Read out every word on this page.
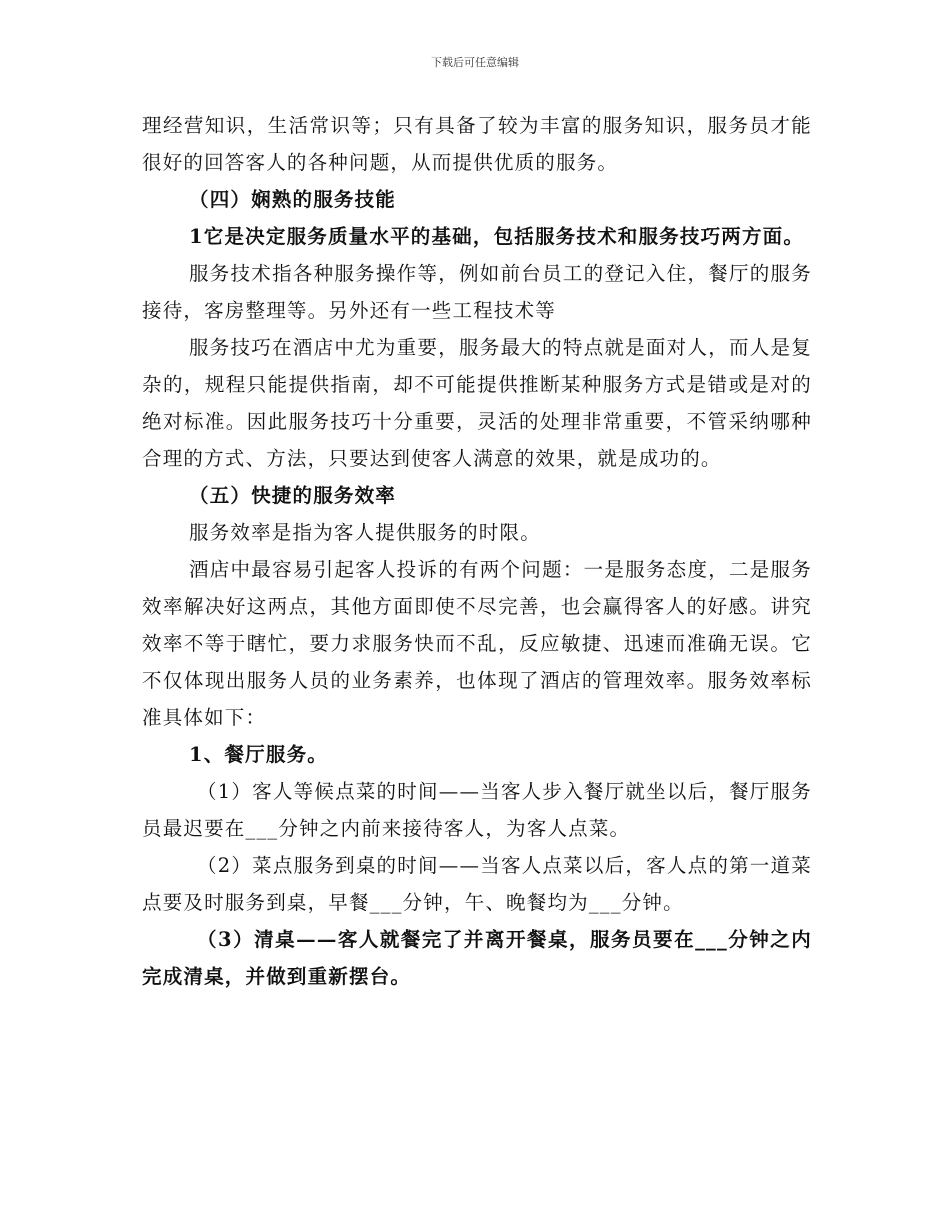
下载后可任意编辑

理经营知识，生活常识等；只有具备了较为丰富的服务知识，服务员才能很好的回答客人的各种问题，从而提供优质的服务。

（四）娴熟的服务技能

1它是决定服务质量水平的基础，包括服务技术和服务技巧两方面。

服务技术指各种服务操作等，例如前台员工的登记入住，餐厅的服务接待，客房整理等。另外还有一些工程技术等

服务技巧在酒店中尤为重要，服务最大的特点就是面对人，而人是复杂的，规程只能提供指南，却不可能提供推断某种服务方式是错或是对的绝对标准。因此服务技巧十分重要，灵活的处理非常重要，不管采纳哪种合理的方式、方法，只要达到使客人满意的效果，就是成功的。

（五）快捷的服务效率

服务效率是指为客人提供服务的时限。

酒店中最容易引起客人投诉的有两个问题：一是服务态度，二是服务效率解决好这两点，其他方面即使不尽完善，也会赢得客人的好感。讲究效率不等于瞎忙，要力求服务快而不乱，反应敏捷、迅速而准确无误。它不仅体现出服务人员的业务素养，也体现了酒店的管理效率。服务效率标准具体如下：

1、餐厅服务。

（1）客人等候点菜的时间——当客人步入餐厅就坐以后，餐厅服务员最迟要在___分钟之内前来接待客人，为客人点菜。

（2）菜点服务到桌的时间——当客人点菜以后，客人点的第一道菜点要及时服务到桌，早餐___分钟，午、晚餐均为___分钟。

（3）清桌——客人就餐完了并离开餐桌，服务员要在___分钟之内完成清桌，并做到重新摆台。
